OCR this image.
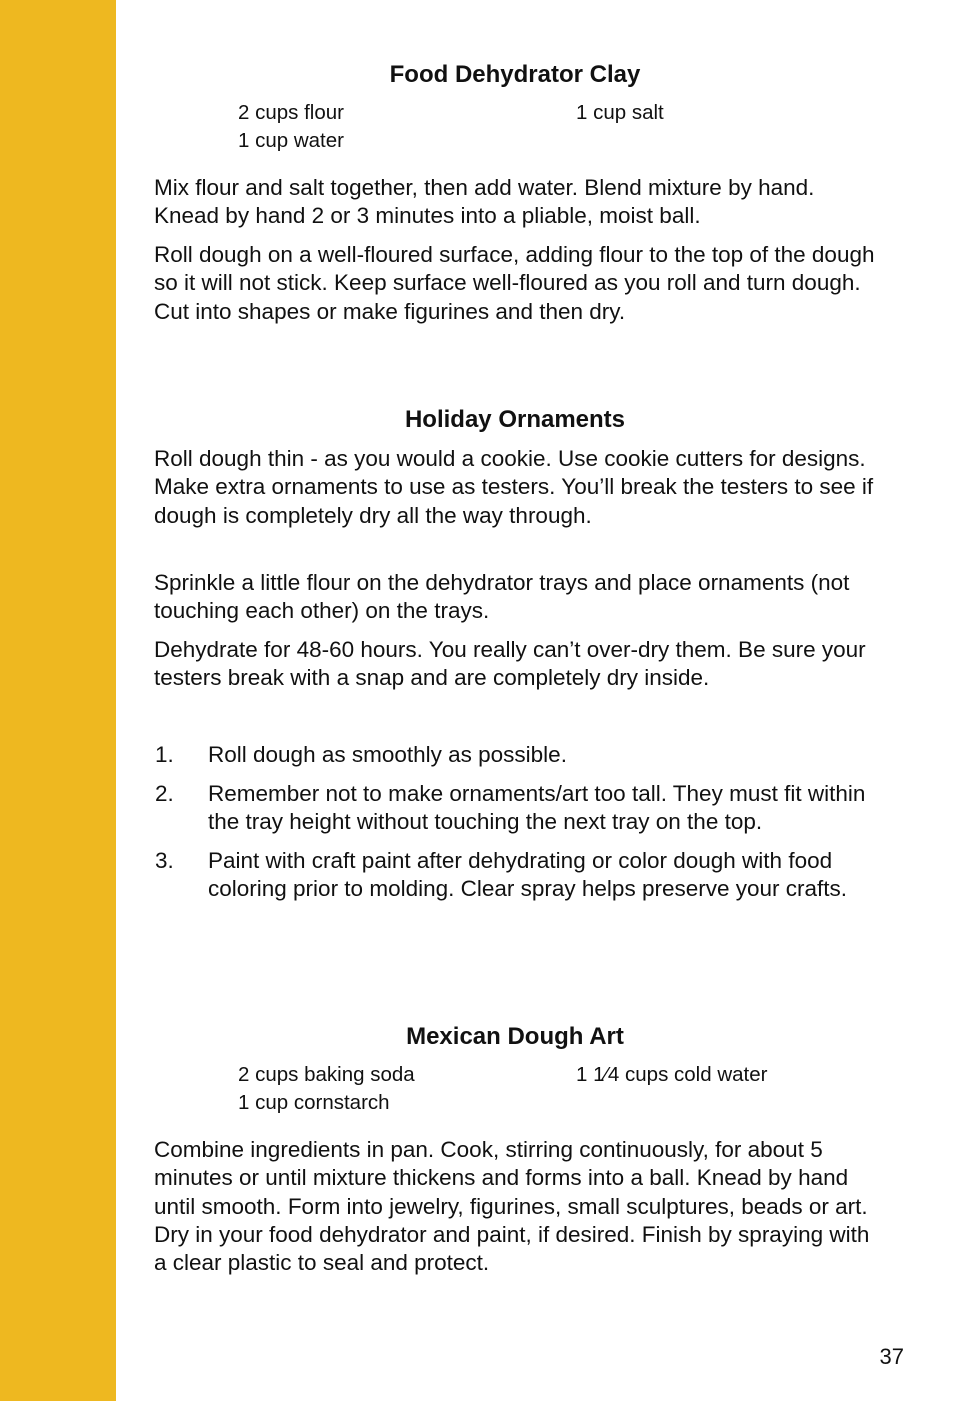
Food Dehydrator Clay
2 cups flour	1 cup salt
1 cup water

Mix flour and salt together, then add water. Blend mixture by hand. Knead by hand 2 or 3 minutes into a pliable, moist ball.

Roll dough on a well-floured surface, adding flour to the top of the dough so it will not stick. Keep surface well-floured as you roll and turn dough. Cut into shapes or make figurines and then dry.

Holiday Ornaments

Roll dough thin - as you would a cookie. Use cookie cutters for designs. Make extra ornaments to use as testers. You’ll break the testers to see if dough is completely dry all the way through.

Sprinkle a little flour on the dehydrator trays and place ornaments (not touching each other) on the trays.

Dehydrate for 48-60 hours. You really can’t over-dry them. Be sure your testers break with a snap and are completely dry inside.

1.	Roll dough as smoothly as possible.
2.	Remember not to make ornaments/art too tall. They must fit within the tray height without touching the next tray on the top.
3.	Paint with craft paint after dehydrating or color dough with food coloring prior to molding. Clear spray helps preserve your crafts.
Mexican Dough Art
2 cups baking soda	1 1⁄4 cups cold water
1 cup cornstarch

Combine ingredients in pan. Cook, stirring continuously, for about 5 minutes or until mixture thickens and forms into a ball. Knead by hand until smooth. Form into jewelry, figurines, small sculptures, beads or art. Dry in your food dehydrator and paint, if desired. Finish by spraying with a clear plastic to seal and protect.

37
